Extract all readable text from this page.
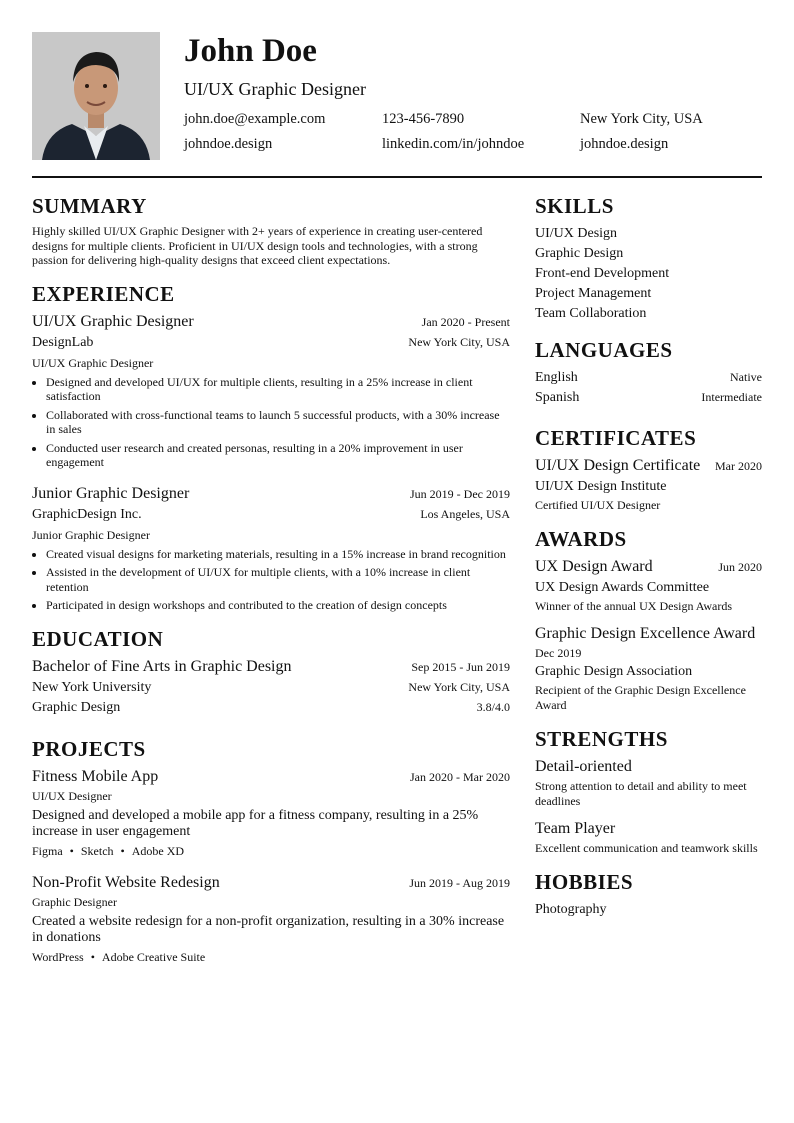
John Doe
UI/UX Graphic Designer
john.doe@example.com	123-456-7890	New York City, USA
johndoe.design	linkedin.com/in/johndoe	johndoe.design
SUMMARY
Highly skilled UI/UX Graphic Designer with 2+ years of experience in creating user-centered designs for multiple clients. Proficient in UI/UX design tools and technologies, with a strong passion for delivering high-quality designs that exceed client expectations.
EXPERIENCE
UI/UX Graphic Designer	Jan 2020 - Present
DesignLab	New York City, USA
UI/UX Graphic Designer
• Designed and developed UI/UX for multiple clients, resulting in a 25% increase in client satisfaction
• Collaborated with cross-functional teams to launch 5 successful products, with a 30% increase in sales
• Conducted user research and created personas, resulting in a 20% improvement in user engagement
Junior Graphic Designer	Jun 2019 - Dec 2019
GraphicDesign Inc.	Los Angeles, USA
Junior Graphic Designer
• Created visual designs for marketing materials, resulting in a 15% increase in brand recognition
• Assisted in the development of UI/UX for multiple clients, with a 10% increase in client retention
• Participated in design workshops and contributed to the creation of design concepts
EDUCATION
Bachelor of Fine Arts in Graphic Design	Sep 2015 - Jun 2019
New York University	New York City, USA
Graphic Design	3.8/4.0
PROJECTS
Fitness Mobile App	Jan 2020 - Mar 2020
UI/UX Designer
Designed and developed a mobile app for a fitness company, resulting in a 25% increase in user engagement
Figma • Sketch • Adobe XD
Non-Profit Website Redesign	Jun 2019 - Aug 2019
Graphic Designer
Created a website redesign for a non-profit organization, resulting in a 30% increase in donations
WordPress • Adobe Creative Suite
SKILLS
UI/UX Design
Graphic Design
Front-end Development
Project Management
Team Collaboration
LANGUAGES
English	Native
Spanish	Intermediate
CERTIFICATES
UI/UX Design Certificate Mar 2020
UI/UX Design Institute
Certified UI/UX Designer
AWARDS
UX Design Award	Jun 2020
UX Design Awards Committee
Winner of the annual UX Design Awards
Graphic Design Excellence Award
Dec 2019
Graphic Design Association
Recipient of the Graphic Design Excellence Award
STRENGTHS
Detail-oriented
Strong attention to detail and ability to meet deadlines
Team Player
Excellent communication and teamwork skills
HOBBIES
Photography
